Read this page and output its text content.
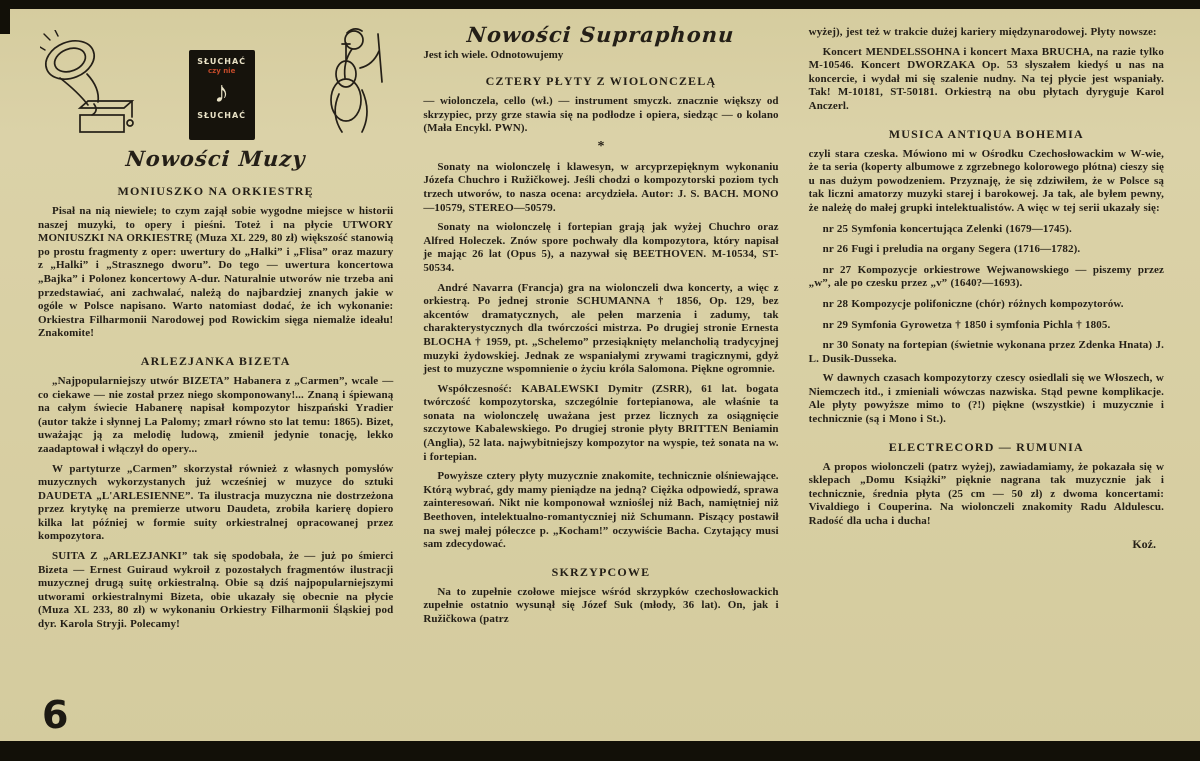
SŁUCHAĆ
czy nie
♪
SŁUCHAĆ
Nowości Muzy
MONIUSZKO NA ORKIESTRĘ

Pisał na nią niewiele; to czym zajął sobie wygodne miejsce w historii naszej muzyki, to opery i pieśni. Toteż i na płycie UTWORY MONIUSZKI NA ORKIESTRĘ (Muza XL 229, 80 zł) większość stanowią po prostu fragmenty z oper: uwertury do „Halki” i „Flisa” oraz mazury z „Halki” i „Strasznego dworu”. Do tego — uwertura koncertowa „Bajka” i Polonez koncertowy A-dur. Naturalnie utworów nie trzeba ani przedstawiać, ani zachwalać, należą do najbardziej znanych jakie w ogóle w Polsce napisano. Warto natomiast dodać, że ich wykonanie: Orkiestra Filharmonii Narodowej pod Rowickim sięga niemalże ideału! Znakomite!

ARLEZJANKA BIZETA

„Najpopularniejszy utwór BIZETA” Habanera z „Carmen”, wcale — co ciekawe — nie został przez niego skomponowany!... Znaną i śpiewaną na całym świecie Habanerę napisał kompozytor hiszpański Yradier (autor także i słynnej La Palomy; zmarł równo sto lat temu: 1865). Bizet, uważając ją za melodię ludową, zmienił jedynie tonację, lekko zaadaptował i włączył do opery...

W partyturze „Carmen” skorzystał również z własnych pomysłów muzycznych wykorzystanych już wcześniej w muzyce do sztuki DAUDETA „L'ARLESIENNE”. Ta ilustracja muzyczna nie dostrzeżona przez krytykę na premierze utworu Daudeta, zrobiła karierę dopiero kilka lat później w formie suity orkiestralnej opracowanej przez kompozytora.

SUITA Z „ARLEZJANKI” tak się spodobała, że — już po śmierci Bizeta — Ernest Guiraud wykroił z pozostałych fragmentów ilustracji muzycznej drugą suitę orkiestralną. Obie są dziś najpopularniejszymi utworami orkiestralnymi Bizeta, obie ukazały się obecnie na płycie (Muza XL 233, 80 zł) w wykonaniu Orkiestry Filharmonii Śląskiej pod dyr. Karola Stryji. Polecamy!

Nowości Supraphonu

Jest ich wiele. Odnotowujemy

CZTERY PŁYTY Z WIOLONCZELĄ

— wiolonczela, cello (wł.) — instrument smyczk. znacznie większy od skrzypiec, przy grze stawia się na podłodze i opiera, siedząc — o kolano (Mała Encykl. PWN).

*

Sonaty na wiolonczelę i klawesyn, w arcyprzepięknym wykonaniu Józefa Chuchro i Ružičkowej. Jeśli chodzi o kompozytorski poziom tych trzech utworów, to nasza ocena: arcydzieła. Autor: J. S. BACH. MONO—10579, STEREO—50579.

Sonaty na wiolonczelę i fortepian grają jak wyżej Chuchro oraz Alfred Holeczek. Znów spore pochwały dla kompozytora, który napisał je mając 26 lat (Opus 5), a nazywał się BEETHOVEN. M-10534, ST-50534.

André Navarra (Francja) gra na wiolonczeli dwa koncerty, a więc z orkiestrą. Po jednej stronie SCHUMANNA † 1856, Op. 129, bez akcentów dramatycznych, ale pełen marzenia i zadumy, tak charakterystycznych dla twórczości mistrza. Po drugiej stronie Ernesta BLOCHA † 1959, pt. „Schelemo” przesiąknięty melancholią tradycyjnej muzyki żydowskiej. Jednak ze wspaniałymi zrywami tragicznymi, gdyż jest to muzyczne wspomnienie o życiu króla Salomona. Piękne ogromnie.

Współczesność: KABALEWSKI Dymitr (ZSRR), 61 lat. bogata twórczość kompozytorska, szczególnie fortepianowa, ale właśnie ta sonata na wiolonczelę uważana jest przez licznych za osiągnięcie szczytowe Kabalewskiego. Po drugiej stronie płyty BRITTEN Beniamin (Anglia), 52 lata. najwybitniejszy kompozytor na wyspie, też sonata na w. i fortepian.

Powyższe cztery płyty muzycznie znakomite, technicznie olśniewające. Którą wybrać, gdy mamy pieniądze na jedną? Ciężka odpowiedź, sprawa zainteresowań. Nikt nie komponował wznioślej niż Bach, namiętniej niż Beethoven, intelektualno-romantyczniej niż Schumann. Piszący postawił na swej małej półeczce p. „Kocham!” oczywiście Bacha. Czytający musi sam zdecydować.

SKRZYPCOWE

Na to zupełnie czołowe miejsce wśród skrzypków czechosłowackich zupełnie ostatnio wysunął się Józef Suk (młody, 36 lat). On, jak i Ružičkowa (patrz

wyżej), jest też w trakcie dużej kariery międzynarodowej. Płyty nowsze:

Koncert MENDELSSOHNA i koncert Maxa BRUCHA, na razie tylko M-10546. Koncert DWORZAKA Op. 53 słyszałem kiedyś u nas na koncercie, i wydał mi się szalenie nudny. Na tej płycie jest wspaniały. Tak! M-10181, ST-50181. Orkiestrą na obu płytach dyryguje Karol Anczerl.

MUSICA ANTIQUA BOHEMIA

czyli stara czeska. Mówiono mi w Ośrodku Czechosłowackim w W-wie, że ta seria (koperty albumowe z zgrzebnego kolorowego płótna) cieszy się u nas dużym powodzeniem. Przyznaję, że się zdziwiłem, że w Polsce są tak liczni amatorzy muzyki starej i barokowej. Ja tak, ale byłem pewny, że należę do małej grupki intelektualistów. A więc w tej serii ukazały się:

nr 25 Symfonia koncertująca Zelenki (1679—1745).

nr 26 Fugi i preludia na organy Segera (1716—1782).

nr 27 Kompozycje orkiestrowe Wejwanowskiego — piszemy przez „w”, ale po czesku przez „v” (1640?—1693).

nr 28 Kompozycje polifoniczne (chór) różnych kompozytorów.

nr 29 Symfonia Gyrowetza † 1850 i symfonia Pichla † 1805.

nr 30 Sonaty na fortepian (świetnie wykonana przez Zdenka Hnata) J. L. Dusik-Dusseka.

W dawnych czasach kompozytorzy czescy osiedlali się we Włoszech, w Niemczech itd., i zmieniali wówczas nazwiska. Stąd pewne komplikacje. Ale płyty powyższe mimo to (?!) piękne (wszystkie) i muzycznie i technicznie (są i Mono i St.).

ELECTRECORD — RUMUNIA

A propos wiolonczeli (patrz wyżej), zawiadamiamy, że pokazała się w sklepach „Domu Książki” pięknie nagrana tak muzycznie jak i technicznie, średnia płyta (25 cm — 50 zł) z dwoma koncertami: Vivaldiego i Couperina. Na wiolonczeli znakomity Radu Aldulescu. Radość dla ucha i ducha!

Koź.
6
